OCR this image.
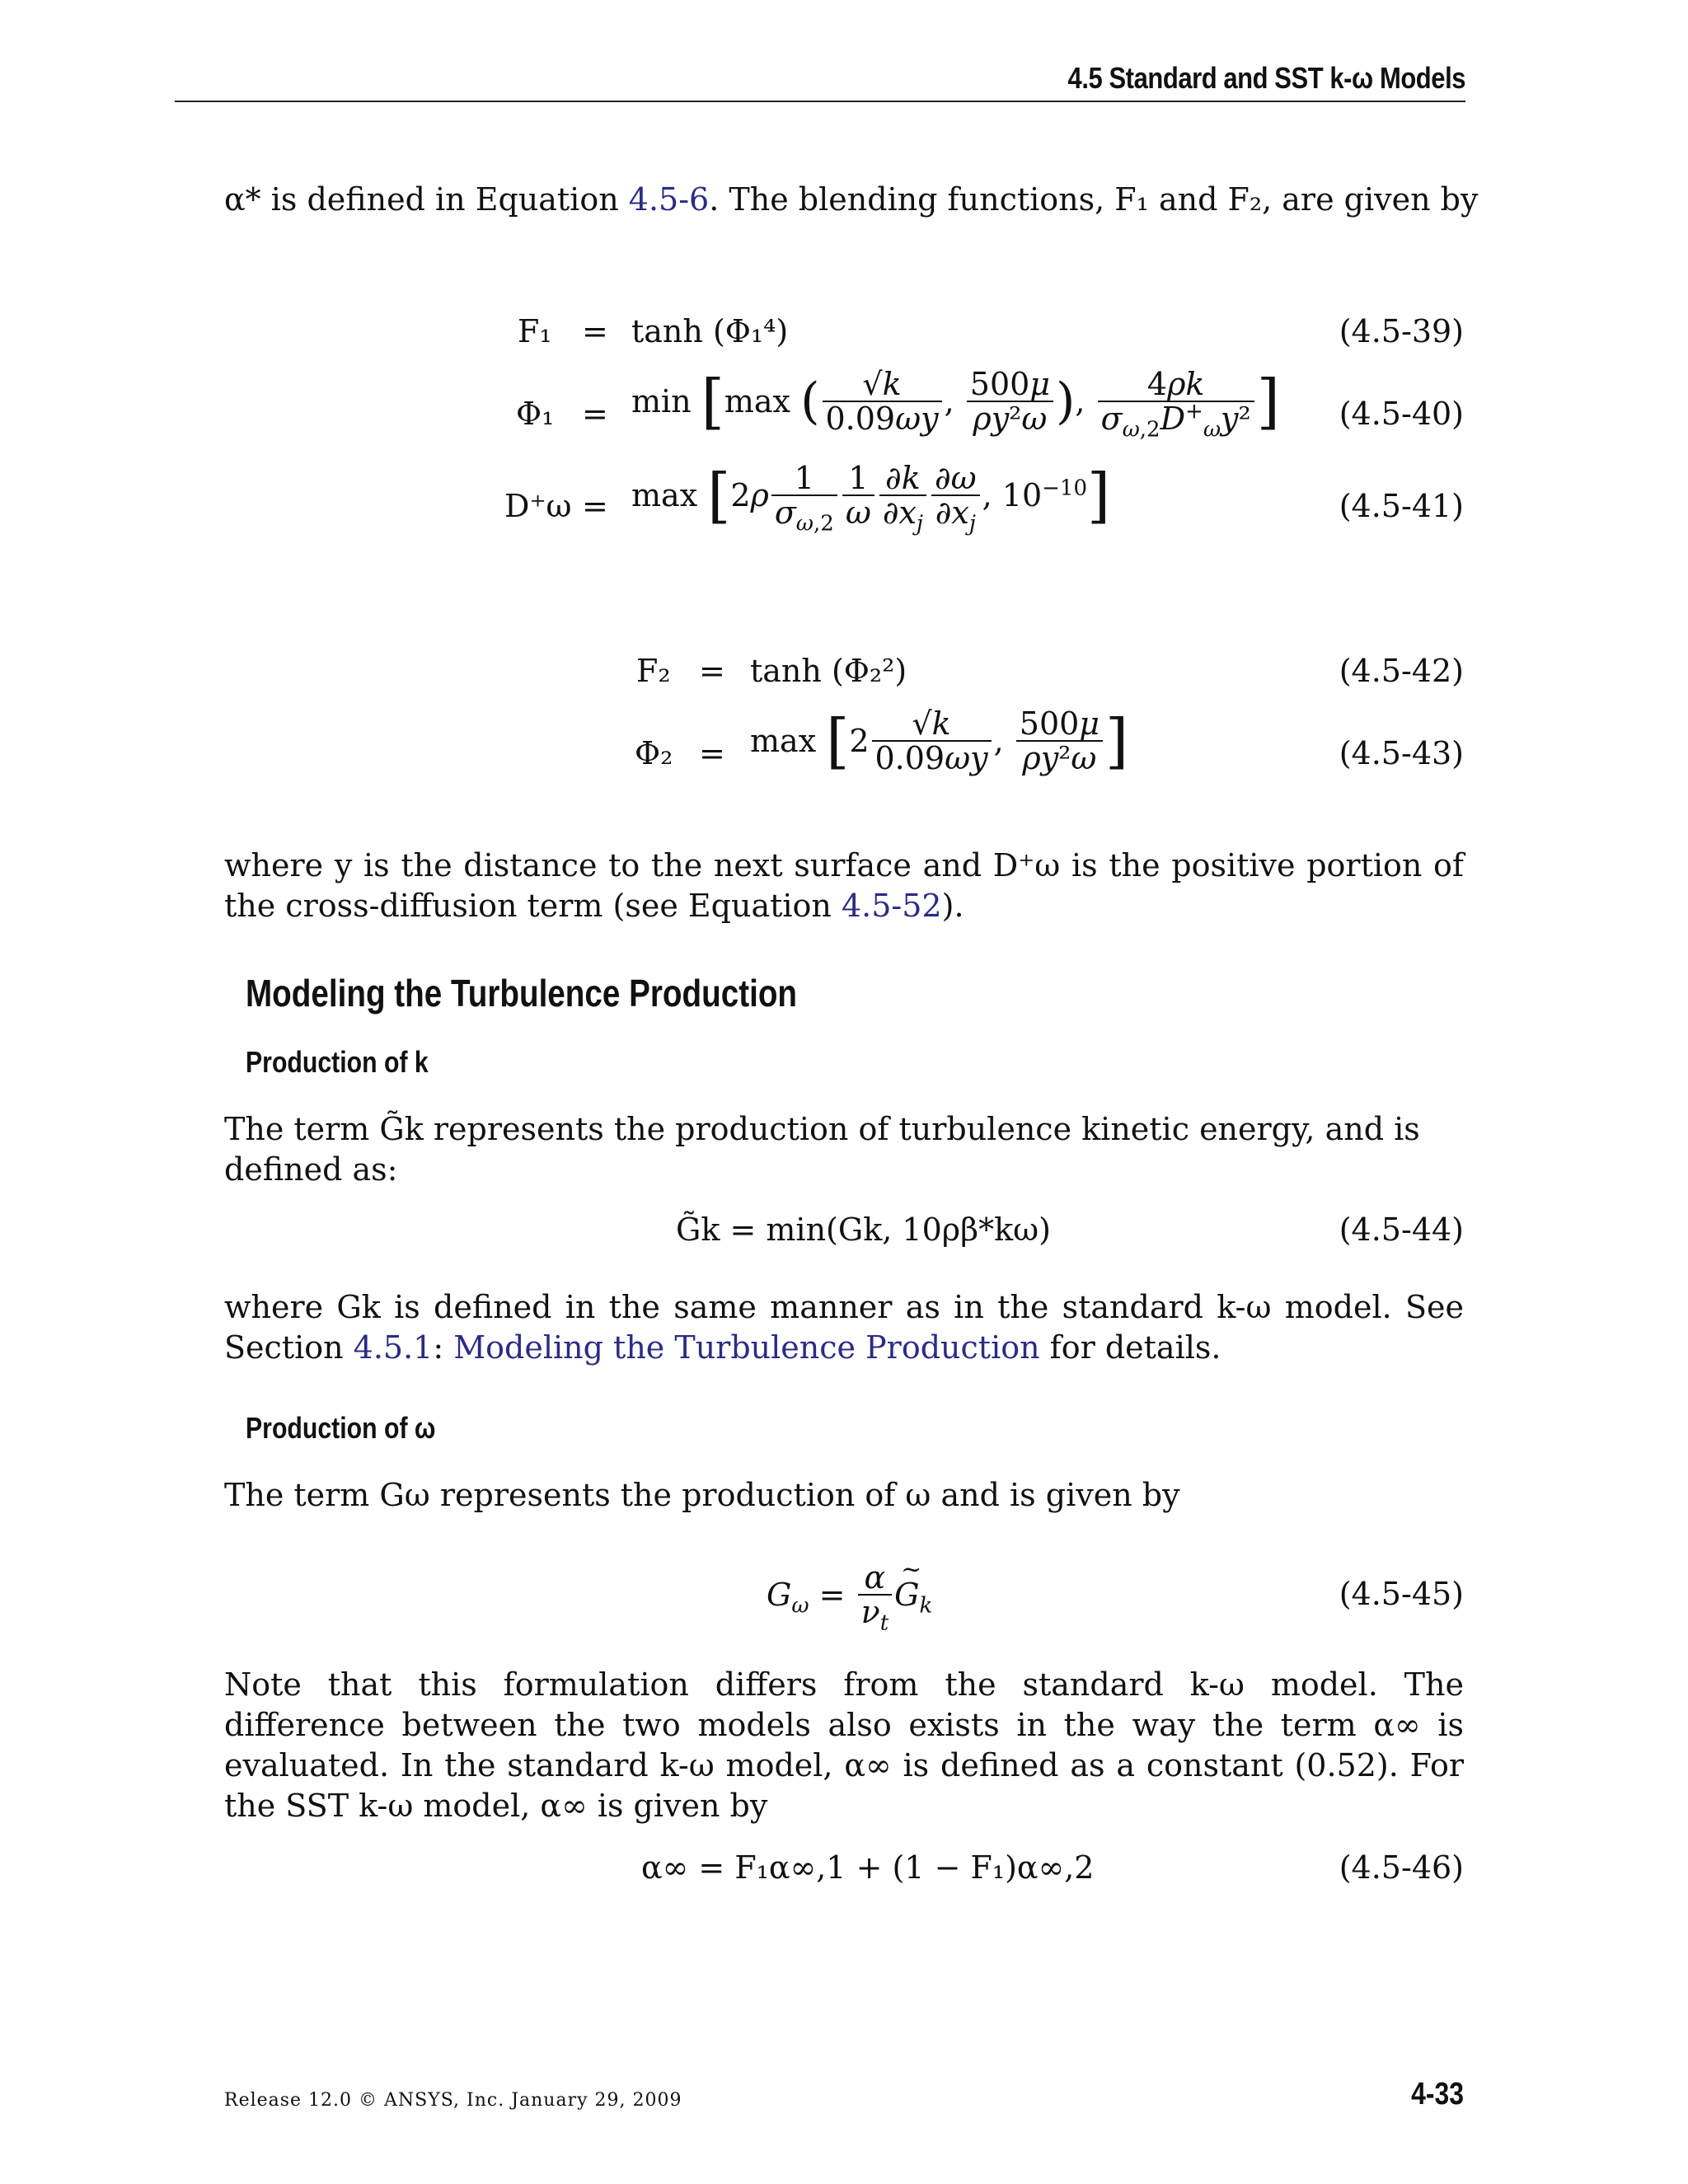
4.5 Standard and SST k-ω Models
α* is defined in Equation 4.5-6. The blending functions, F₁ and F₂, are given by
F₁ = tanh (Φ₁⁴)	(4.5-39)
Φ₁ = min [max ( $\frac{√k}{0.09\omega y}$ , $\frac{500\mu}{\text{ρy²ω}}$ ), $\frac{4\rho k}{\sigma_{\omega,2}D^+_\omega y^2}$ ] (4.5-40)
$D^+\omega = \max [2\rho \frac{1}{\sigma_{\omega,2}} \frac{1}{\omega} \frac{\partial k}{\partial x_j} \frac{\partial\omega}{\partial x_j}$ , $10^{-10}$]	(4.5-41)
F₂ = tanh (Φ₂²)	(4.5-42)
$\Phi_2 = \max [2 \frac{√k}{0.09\omega y}$ , $\frac{500\mu}{\text{ρy²ω}}$ ]	(4.5-43)
where y is the distance to the next surface and D⁺ω is the positive portion of the cross-diffusion term (see Equation 4.5-52).
Modeling the Turbulence Production
Production of k
The term G̃k represents the production of turbulence kinetic energy, and is defined as:
G̃k = min(Gk, 10ρβ*kω)	(4.5-44)
where Gk is defined in the same manner as in the standard k-ω model. See Section 4.5.1: Modeling the Turbulence Production for details.
Production of ω
The term Gω represents the production of ω and is given by
$G_\omega = \frac{\alpha}{\nu_t}$
~ $G_k$	(4.5-45)
Note that this formulation differs from the standard k-ω model. The difference between the two models also exists in the way the term α∞ is evaluated. In the standard k-ω model, α∞ is defined as a constant (0.52). For the SST k-ω model, α∞ is given by
α∞ = F₁α∞,1 + (1 − F₁)α∞,2	(4.5-46)
Release 12.0 © ANSYS, Inc. January 29, 2009	4-33
